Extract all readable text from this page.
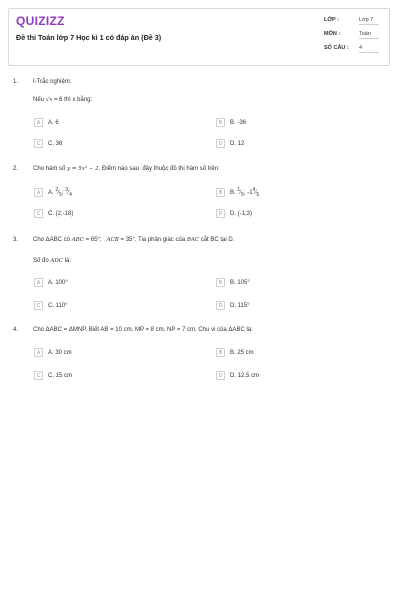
QUIZIZZ
Đề thi Toán lớp 7 Học kì 1 có đáp án (Đề 3)
LỚP :	Lớp 7
MÔN :	Toán
SỐ CÂU : 4
1. I-Trắc nghiệm:
Nếu √x = 6 thì x bằng:
A	A. 6	B	B. -36
C	C. 36	D	D. 12
2. Cho hàm số y = 5x² − 2. Điểm nào sau  đây thuộc đồ thị hàm số trên:
A	A. $^2⁄_5$; $^3⁄_4$	B	B. $^1⁄_5$; $-1^4⁄_5$
C	C. (2;-18)	D	D. (-1;3)
3. Cho ΔABC có ABC = 65°;   ACB = 35°. Tia phân giác của BAC cắt BC tại D.
Số đo ADC là:
A	A. 100°	B	B. 105°
C	C. 110°	D	D. 115°
4. Cho ΔABC = ΔMNP. Biết AB = 10 cm, MP = 8 cm, NP = 7 cm. Chu vi của ΔABC là:
A	A. 30 cm	B	B. 25 cm
C	C. 15 cm	D	D. 12,5 cm
